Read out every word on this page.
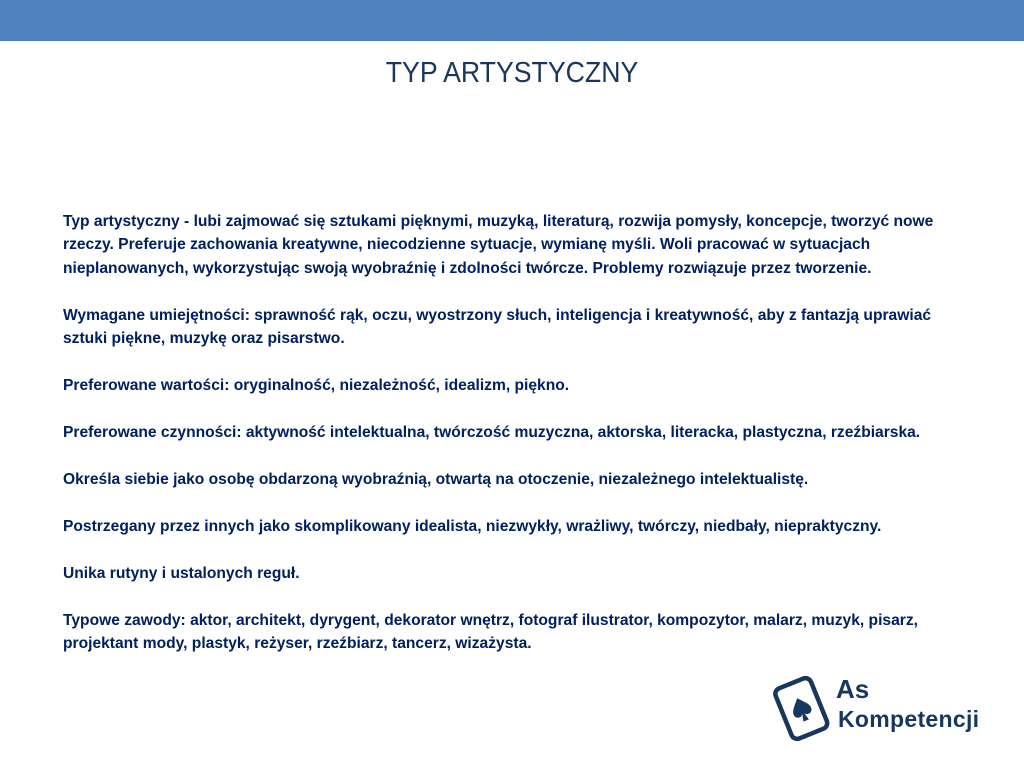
TYP ARTYSTYCZNY

Typ artystyczny - lubi zajmować się sztukami pięknymi, muzyką, literaturą, rozwija pomysły, koncepcje, tworzyć nowe rzeczy. Preferuje zachowania kreatywne, niecodzienne sytuacje, wymianę myśli. Woli pracować w sytuacjach nieplanowanych, wykorzystując swoją wyobraźnię i zdolności twórcze. Problemy rozwiązuje przez tworzenie.

Wymagane umiejętności: sprawność rąk, oczu, wyostrzony słuch, inteligencja i kreatywność, aby z fantazją uprawiać sztuki piękne, muzykę oraz pisarstwo.

Preferowane wartości: oryginalność, niezależność, idealizm, piękno.

Preferowane czynności: aktywność intelektualna, twórczość muzyczna, aktorska, literacka, plastyczna, rzeźbiarska.

Określa siebie jako osobę obdarzoną wyobraźnią, otwartą na otoczenie, niezależnego intelektualistę.

Postrzegany przez innych jako skomplikowany idealista, niezwykły, wrażliwy, twórczy, niedbały, niepraktyczny.

Unika rutyny i ustalonych reguł.

Typowe zawody: aktor, architekt, dyrygent, dekorator wnętrz, fotograf ilustrator, kompozytor, malarz, muzyk, pisarz, projektant mody, plastyk, reżyser, rzeźbiarz, tancerz, wizażysta.

As
Kompetencji
